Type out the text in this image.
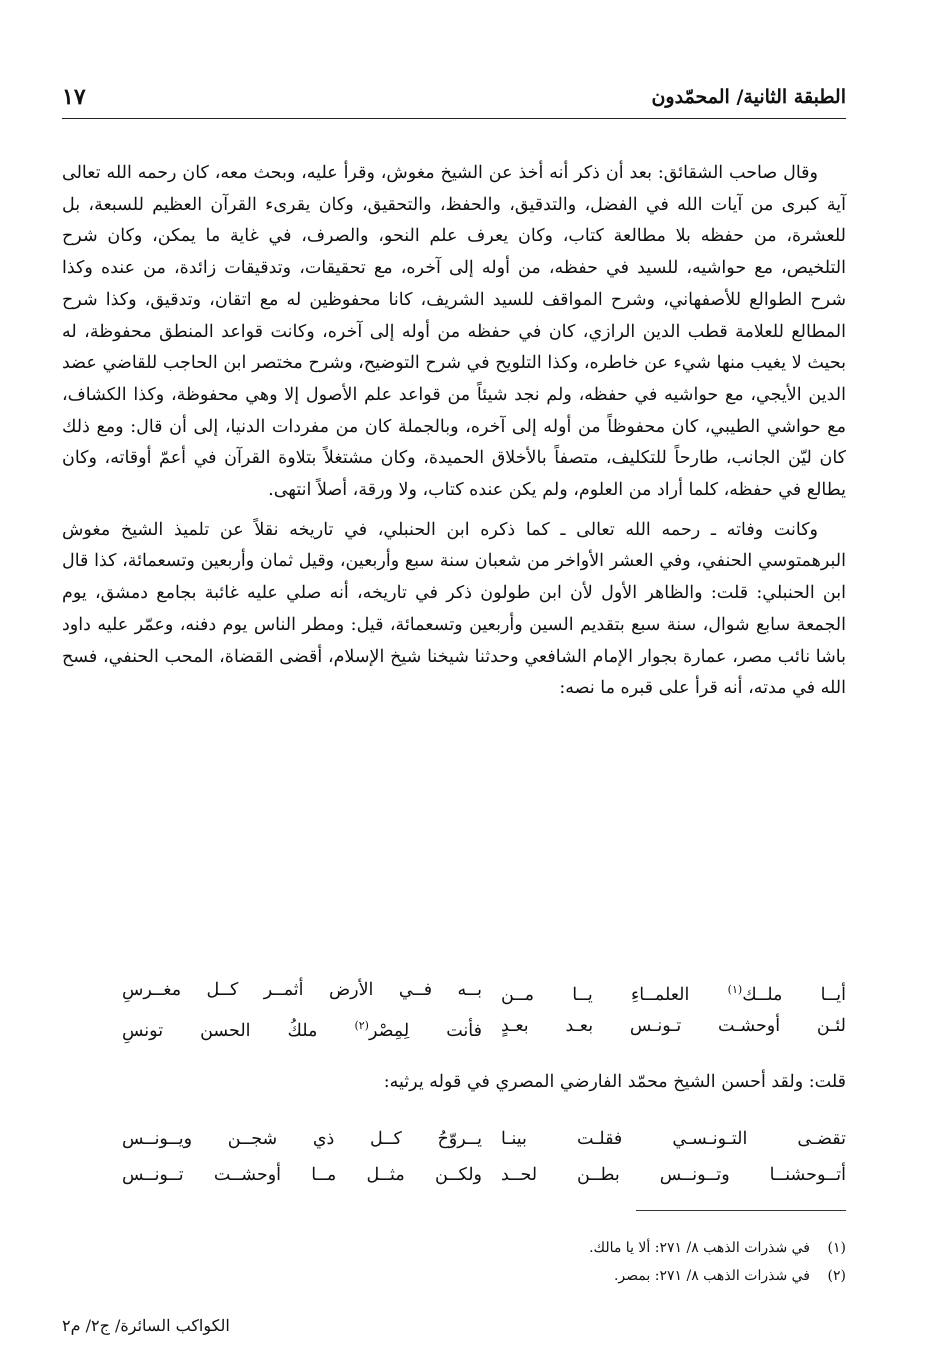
الطبقة الثانية/ المحمّدون
١٧

وقال صاحب الشقائق: بعد أن ذكر أنه أخذ عن الشيخ مغوش، وقرأ عليه، وبحث معه، كان رحمه الله تعالى آية كبرى من آيات الله في الفضل، والتدقيق، والحفظ، والتحقيق، وكان يقرىء القرآن العظيم للسبعة، بل للعشرة، من حفظه بلا مطالعة كتاب، وكان يعرف علم النحو، والصرف، في غاية ما يمكن، وكان شرح التلخيص، مع حواشيه، للسيد في حفظه، من أوله إلى آخره، مع تحقيقات، وتدقيقات زائدة، من عنده وكذا شرح الطوالع للأصفهاني، وشرح المواقف للسيد الشريف، كانا محفوظين له مع اتقان، وتدقيق، وكذا شرح المطالع للعلامة قطب الدين الرازي، كان في حفظه من أوله إلى آخره، وكانت قواعد المنطق محفوظة، له بحيث لا يغيب منها شيء عن خاطره، وكذا التلويح في شرح التوضيح، وشرح مختصر ابن الحاجب للقاضي عضد الدين الأيجي، مع حواشيه في حفظه، ولم نجد شيئاً من قواعد علم الأصول إلا وهي محفوظة، وكذا الكشاف، مع حواشي الطيبي، كان محفوظاً من أوله إلى آخره، وبالجملة كان من مفردات الدنيا، إلى أن قال: ومع ذلك كان ليّن الجانب، طارحاً للتكليف، متصفاً بالأخلاق الحميدة، وكان مشتغلاً بتلاوة القرآن في أعمّ أوقاته، وكان يطالع في حفظه، كلما أراد من العلوم، ولم يكن عنده كتاب، ولا ورقة، أصلاً انتهى.

وكانت وفاته ـ رحمه الله تعالى ـ كما ذكره ابن الحنبلي، في تاريخه نقلاً عن تلميذ الشيخ مغوش البرهمتوسي الحنفي، وفي العشر الأواخر من شعبان سنة سبع وأربعين، وقيل ثمان وأربعين وتسعمائة، كذا قال ابن الحنبلي: قلت: والظاهر الأول لأن ابن طولون ذكر في تاريخه، أنه صلي عليه غائبة بجامع دمشق، يوم الجمعة سابع شوال، سنة سبع بتقديم السين وأربعين وتسعمائة، قيل: ومطر الناس يوم دفنه، وعمّر عليه داود باشا نائب مصر، عمارة بجوار الإمام الشافعي وحدثنا شيخنا شيخ الإسلام، أقضى القضاة، المحب الحنفي، فسح الله في مدته، أنه قرأ على قبره ما نصه:

أيــا ملــك$^{(١)}$ العلمــاءِ يــا مــن
بــه فــي الأرض أثمــر كــل مغــرسِ
لئـن أوحشـت تـونـس بعـد بعـدٍ
فأنت لِمِصْر$^{(٢)}$ ملكُ الحسن تونسِ
قلت: ولقد أحسن الشيخ محمّد الفارضي المصري في قوله يرثيه:
تقضـى التـونـسـي فقلـت بينـا
يــروّحُ كــل ذي شجــن ويــونــس
أتــوحشنــا وتــونــس بطــن لحــد
ولكــن مثــل مــا أوحشــت تــونــس
(١)
في شذرات الذهب ٨/ ٢٧١: ألا يا مالك.
(٢)
في شذرات الذهب ٨/ ٢٧١: بمصر.
الكواكب السائرة/ ج٢/ م٢
